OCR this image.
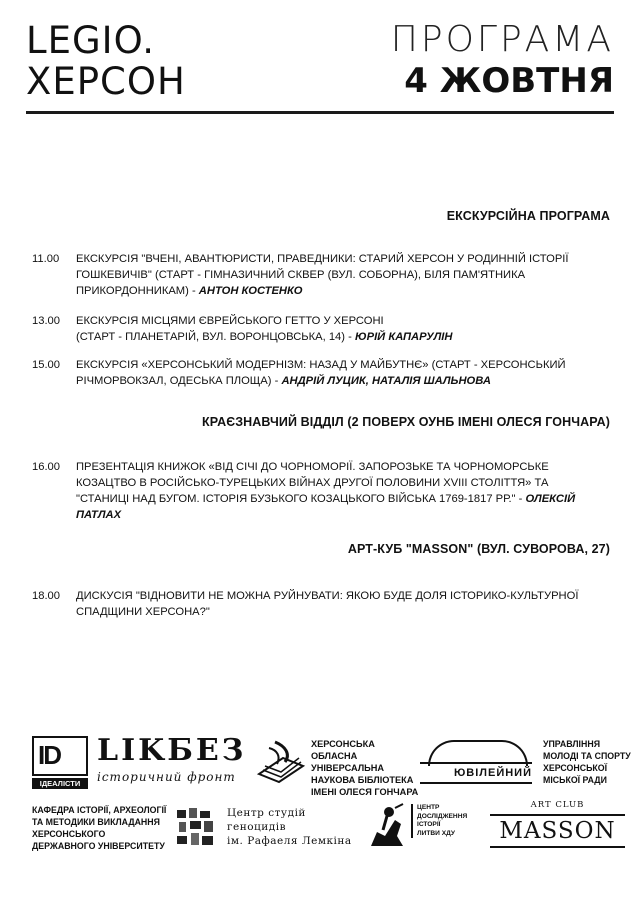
LEGIO.
ХЕРСОН
ПРОГРАМА
4 ЖОВТНЯ
ЕКСКУРСІЙНА ПРОГРАМА
11.00	ЕКСКУРСІЯ "ВЧЕНІ, АВАНТЮРИСТИ, ПРАВЕДНИКИ: СТАРИЙ ХЕРСОН У РОДИННІЙ ІСТОРІЇ ГОШКЕВИЧІВ" (СТАРТ - ГІМНАЗИЧНИЙ СКВЕР (ВУЛ. СОБОРНА), БІЛЯ ПАМ'ЯТНИКА ПРИКОРДОННИКАМ) - АНТОН КОСТЕНКО
13.00	ЕКСКУРСІЯ МІСЦЯМИ ЄВРЕЙСЬКОГО ГЕТТО У ХЕРСОНІ
(СТАРТ - ПЛАНЕТАРІЙ, ВУЛ. ВОРОНЦОВСЬКА, 14) - ЮРІЙ КАПАРУЛІН
15.00	ЕКСКУРСІЯ «ХЕРСОНСЬКИЙ МОДЕРНІЗМ: НАЗАД У МАЙБУТНЄ» (СТАРТ - ХЕРСОНСЬКИЙ РІЧМОРВОКЗАЛ, ОДЕСЬКА ПЛОЩА) - АНДРІЙ ЛУЦИК, НАТАЛІЯ ШАЛЬНОВА
КРАЄЗНАВЧИЙ ВІДДІЛ (2 ПОВЕРХ ОУНБ ІМЕНІ ОЛЕСЯ ГОНЧАРА)
16.00	ПРЕЗЕНТАЦІЯ КНИЖОК «ВІД СІЧІ ДО ЧОРНОМОРІЇ. ЗАПОРОЗЬКЕ ТА ЧОРНОМОРСЬКЕ КОЗАЦТВО В РОСІЙСЬКО-ТУРЕЦЬКИХ ВІЙНАХ ДРУГОЇ ПОЛОВИНИ XVIII СТОЛІТТЯ» ТА "СТАНИЦІ НАД БУГОМ. ІСТОРІЯ БУЗЬКОГО КОЗАЦЬКОГО ВІЙСЬКА 1769-1817 РР." - ОЛЕКСІЙ ПАТЛАХ
АРТ-КУБ "MASSON" (ВУЛ. СУВОРОВА, 27)
18.00	ДИСКУСІЯ "ВІДНОВИТИ НЕ МОЖНА РУЙНУВАТИ: ЯКОЮ БУДЕ ДОЛЯ ІСТОРИКО-КУЛЬТУРНОЇ СПАДЩИНИ ХЕРСОНА?"
ID
ІДЕАЛІСТИ
LIKБЕЗ
історичний фронт
ХЕРСОНСЬКА ОБЛАСНА УНІВЕРСАЛЬНА НАУКОВА БІБЛІОТЕКА ІМЕНІ ОЛЕСЯ ГОНЧАРА
ЮВІЛЕЙНИЙ
УПРАВЛІННЯ МОЛОДІ ТА СПОРТУ ХЕРСОНСЬКОЇ МІСЬКОЇ РАДИ
КАФЕДРА ІСТОРІЇ, АРХЕОЛОГІЇ ТА МЕТОДИКИ ВИКЛАДАННЯ ХЕРСОНСЬКОГО ДЕРЖАВНОГО УНІВЕРСИТЕТУ
Центр студій
геноцидів
ім. Рафаеля Лемкіна
ЦЕНТР ДОСЛІДЖЕННЯ ІСТОРІЇ ЛИТВИ ХДУ
ART CLUB
MASSON
